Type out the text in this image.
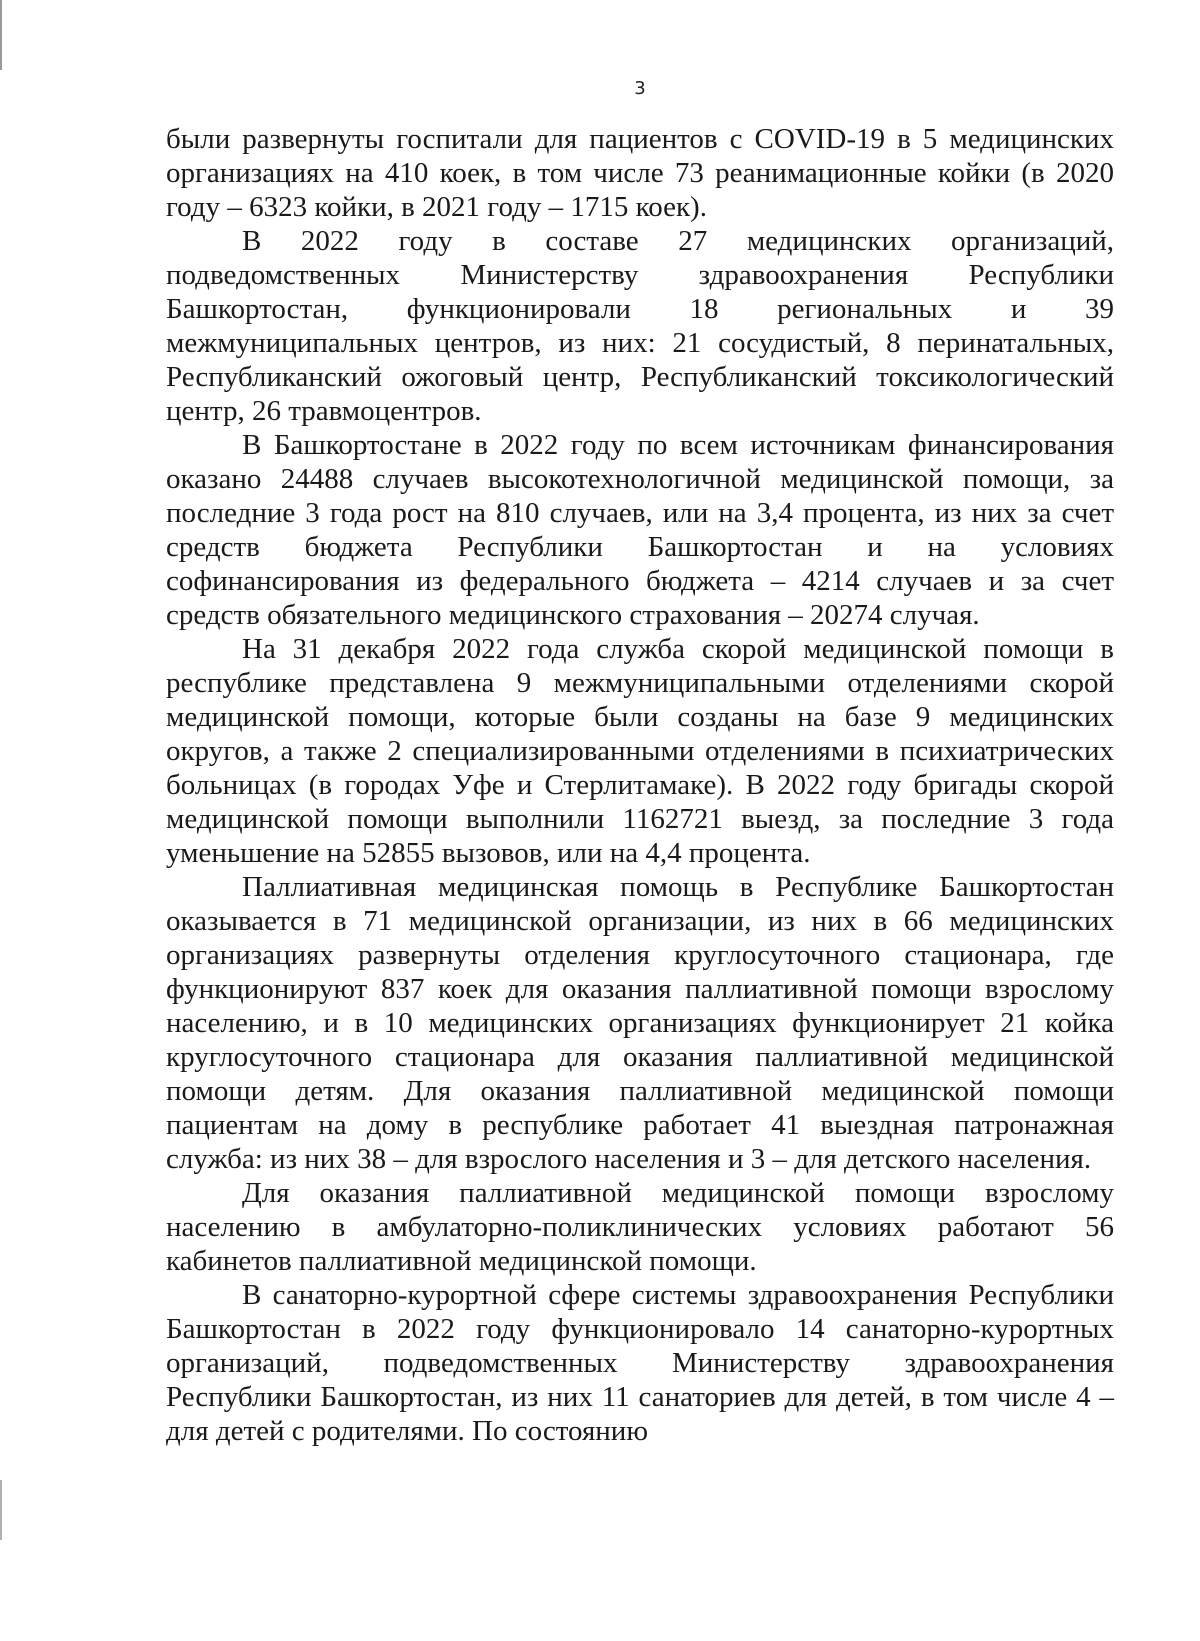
3

были развернуты госпитали для пациентов с COVID-19 в 5 медицинских организациях на 410 коек, в том числе 73 реанимационные койки (в 2020 году – 6323 койки, в 2021 году – 1715 коек).

В 2022 году в составе 27 медицинских организаций, подведомственных Министерству здравоохранения Республики Башкортостан, функционировали 18 региональных и 39 межмуниципальных центров, из них: 21 сосудистый, 8 перинатальных, Республиканский ожоговый центр, Республиканский токсикологический центр, 26 травмоцентров.

В Башкортостане в 2022 году по всем источникам финансирования оказано 24488 случаев высокотехнологичной медицинской помощи, за последние 3 года рост на 810 случаев, или на 3,4 процента, из них за счет средств бюджета Республики Башкортостан и на условиях софинансирования из федерального бюджета – 4214 случаев и за счет средств обязательного медицинского страхования – 20274 случая.

На 31 декабря 2022 года служба скорой медицинской помощи в республике представлена 9 межмуниципальными отделениями скорой медицинской помощи, которые были созданы на базе 9 медицинских округов, а также 2 специализированными отделениями в психиатрических больницах (в городах Уфе и Стерлитамаке). В 2022 году бригады скорой медицинской помощи выполнили 1162721 выезд, за последние 3 года уменьшение на 52855 вызовов, или на 4,4 процента.

Паллиативная медицинская помощь в Республике Башкортостан оказывается в 71 медицинской организации, из них в 66 медицинских организациях развернуты отделения круглосуточного стационара, где функционируют 837 коек для оказания паллиативной помощи взрослому населению, и в 10 медицинских организациях функционирует 21 койка круглосуточного стационара для оказания паллиативной медицинской помощи детям. Для оказания паллиативной медицинской помощи пациентам на дому в республике работает 41 выездная патронажная служба: из них 38 – для взрослого населения и 3 – для детского населения.

Для оказания паллиативной медицинской помощи взрослому населению в амбулаторно-поликлинических условиях работают 56 кабинетов паллиативной медицинской помощи.

В санаторно-курортной сфере системы здравоохранения Республики Башкортостан в 2022 году функционировало 14 санаторно-курортных организаций, подведомственных Министерству здравоохранения Республики Башкортостан, из них 11 санаториев для детей, в том числе 4 – для детей с родителями. По состоянию
